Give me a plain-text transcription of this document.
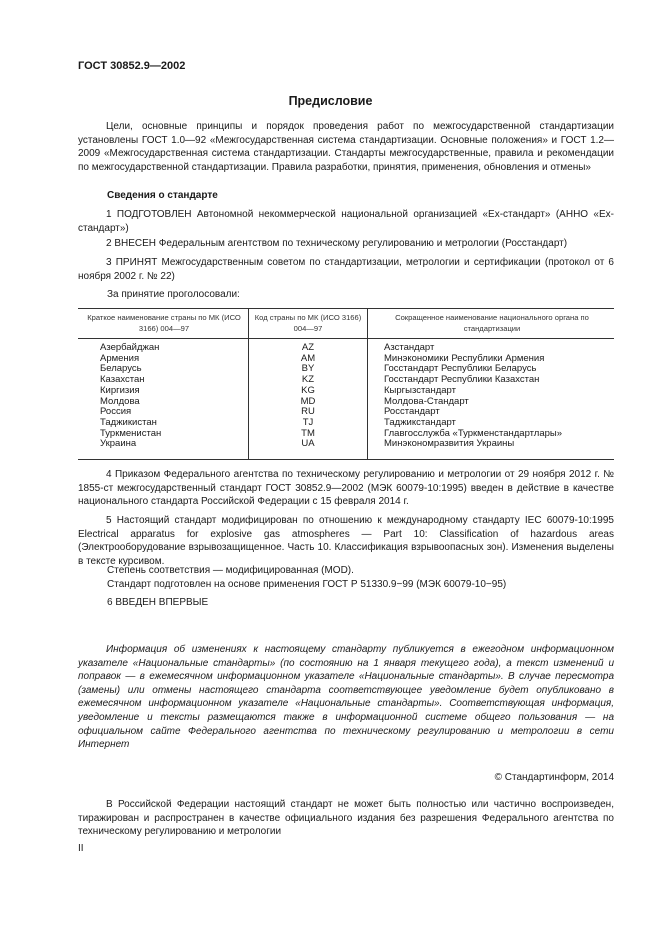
ГОСТ 30852.9—2002
Предисловие
Цели, основные принципы и порядок проведения работ по межгосударственной стандартизации установлены ГОСТ 1.0—92 «Межгосударственная система стандартизации. Основные положения» и ГОСТ 1.2—2009 «Межгосударственная система стандартизации. Стандарты межгосударственные, правила и рекомендации по межгосударственной стандартизации. Правила разработки, принятия, применения, обновления и отмены»
Сведения о стандарте
1 ПОДГОТОВЛЕН Автономной некоммерческой национальной организацией «Ех-стандарт» (АННО «Ех-стандарт»)
2 ВНЕСЕН Федеральным агентством по техническому регулированию и метрологии (Росстандарт)
3 ПРИНЯТ Межгосударственным советом по стандартизации, метрологии и сертификации (протокол от 6 ноября 2002 г. № 22)
За принятие проголосовали:
Краткое наименование страны по МК (ИСО 3166) 004—97
Код страны по МК (ИСО 3166) 004—97
Сокращенное наименование национального органа по стандартизации
Азербайджан
Армения
Беларусь
Казахстан
Киргизия
Молдова
Россия
Таджикистан
Туркменистан
Украина
AZ
AM
BY
KZ
KG
MD
RU
TJ
TM
UA
Азстандарт
Минэкономики Республики Армения
Госстандарт Республики Беларусь
Госстандарт Республики Казахстан
Кыргызстандарт
Молдова-Стандарт
Росстандарт
Таджикстандарт
Главгосслужба «Туркменстандартлары»
Минэкономразвития Украины
4 Приказом Федерального агентства по техническому регулированию и метрологии от 29 ноября 2012 г. № 1855-ст межгосударственный стандарт ГОСТ 30852.9—2002 (МЭК 60079-10:1995) введен в действие в качестве национального стандарта Российской Федерации с 15 февраля 2014 г.
5 Настоящий стандарт модифицирован по отношению к международному стандарту IEC 60079-10:1995 Electrical apparatus for explosive gas atmospheres — Part 10: Classification of hazardous areas (Электрооборудование взрывозащищенное. Часть 10. Классификация взрывоопасных зон). Изменения выделены в тексте курсивом.
Степень соответствия — модифицированная (MOD).
Стандарт подготовлен на основе применения ГОСТ Р 51330.9−99 (МЭК 60079-10−95)
6 ВВЕДЕН ВПЕРВЫЕ
Информация об изменениях к настоящему стандарту публикуется в ежегодном информационном указателе «Национальные стандарты» (по состоянию на 1 января текущего года), а текст изменений и поправок — в ежемесячном информационном указателе «Национальные стандарты». В случае пересмотра (замены) или отмены настоящего стандарта соответствующее уведомление будет опубликовано в ежемесячном информационном указателе «Национальные стандарты». Соответствующая информация, уведомление и тексты размещаются также в информационной системе общего пользования — на официальном сайте Федерального агентства по техническому регулированию и метрологии в сети Интернет
© Стандартинформ, 2014
В Российской Федерации настоящий стандарт не может быть полностью или частично воспроизведен, тиражирован и распространен в качестве официального издания без разрешения Федерального агентства по техническому регулированию и метрологии
II
